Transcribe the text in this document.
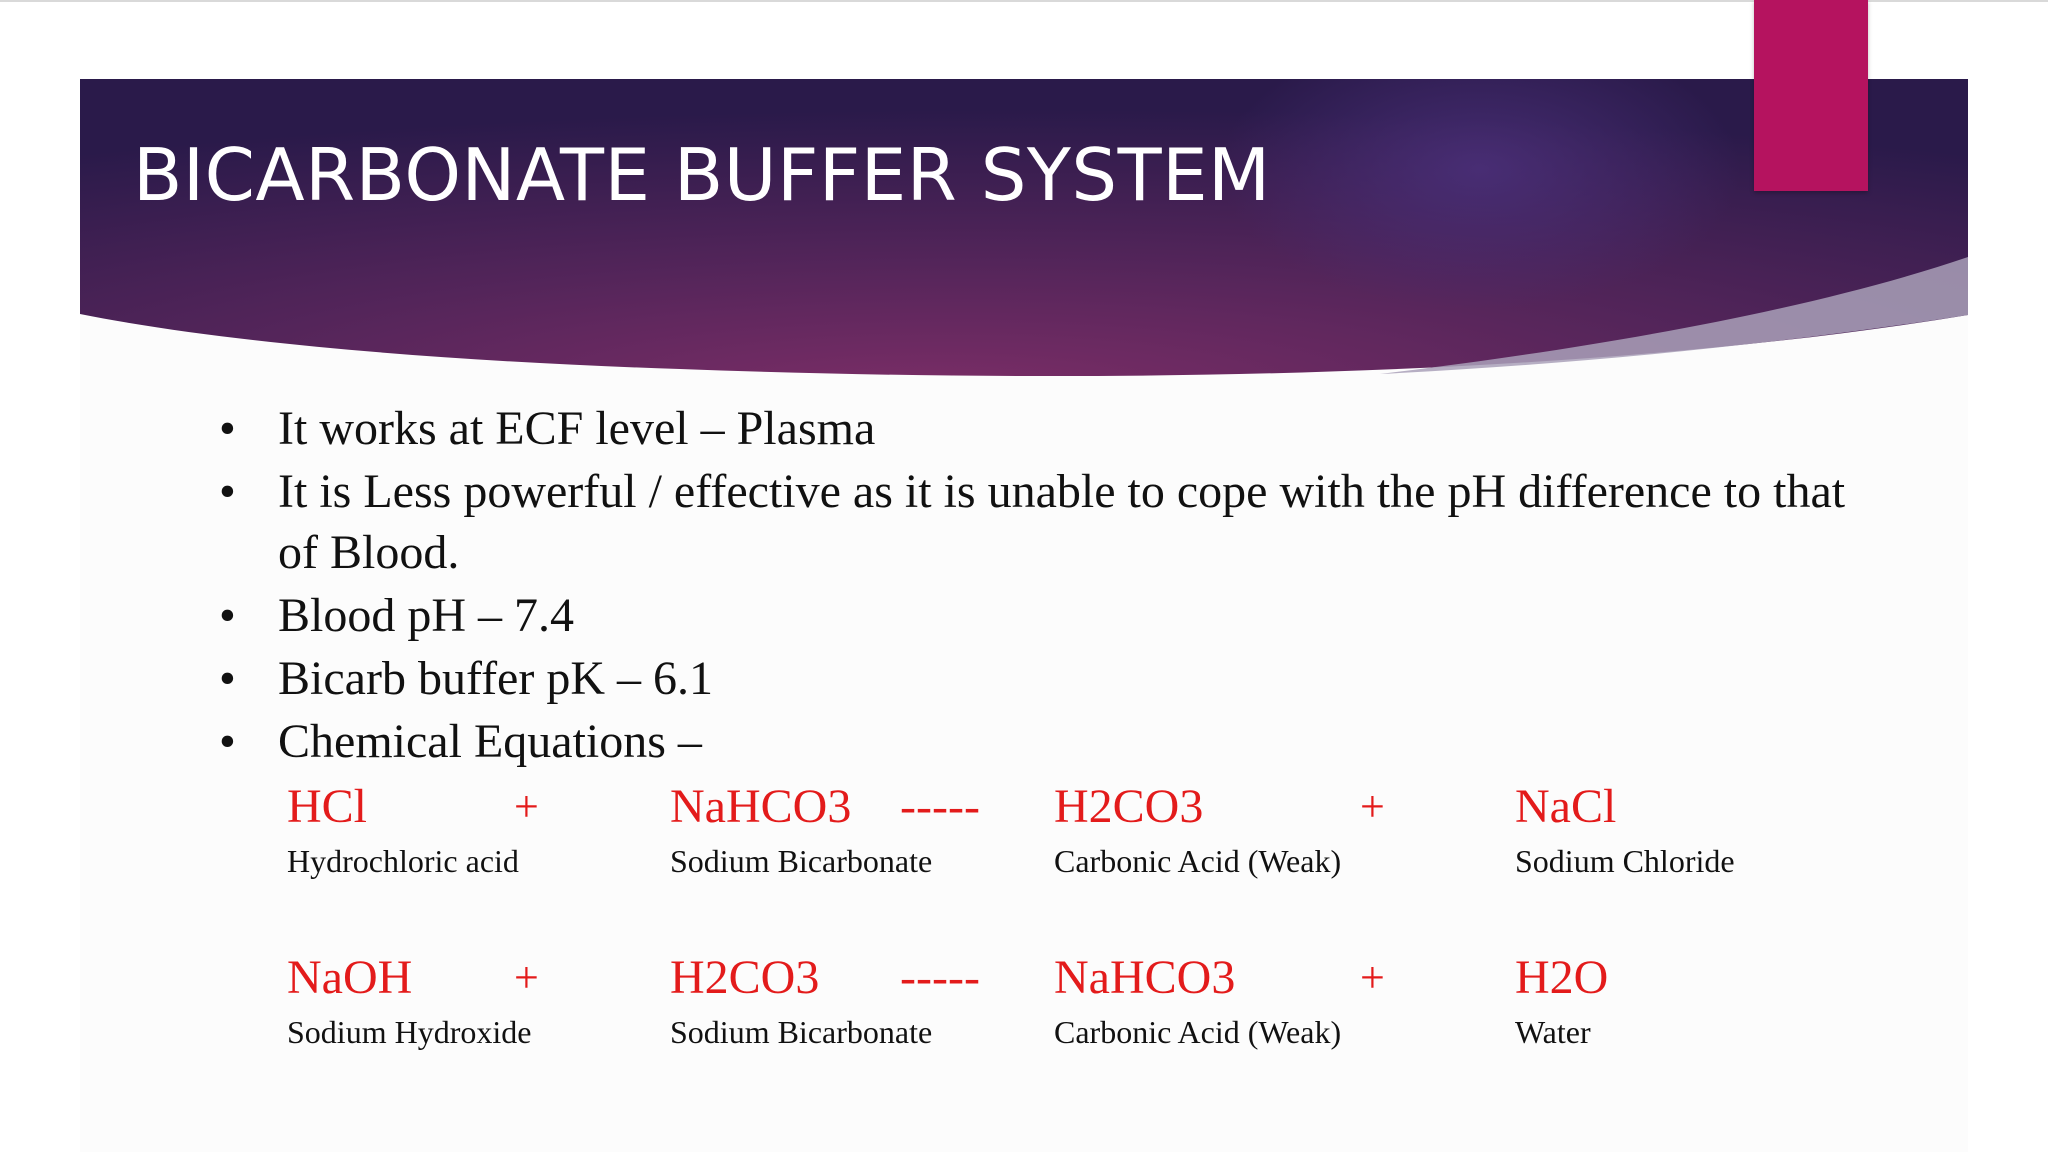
BICARBONATE BUFFER SYSTEM
• It works at ECF level – Plasma
• It is Less powerful / effective as it is unable to cope with the pH difference to that of Blood.
• Blood pH – 7.4
• Bicarb buffer pK – 6.1
• Chemical Equations –
HCl	+	NaHCO3 ----- H2CO3	+	NaCl
Hydrochloric acid	Sodium Bicarbonate	Carbonic Acid (Weak)	Sodium Chloride
NaOH +	H2CO3 ----- NaHCO3	+	H2O
Sodium Hydroxide	Sodium Bicarbonate	Carbonic Acid (Weak)	Water
